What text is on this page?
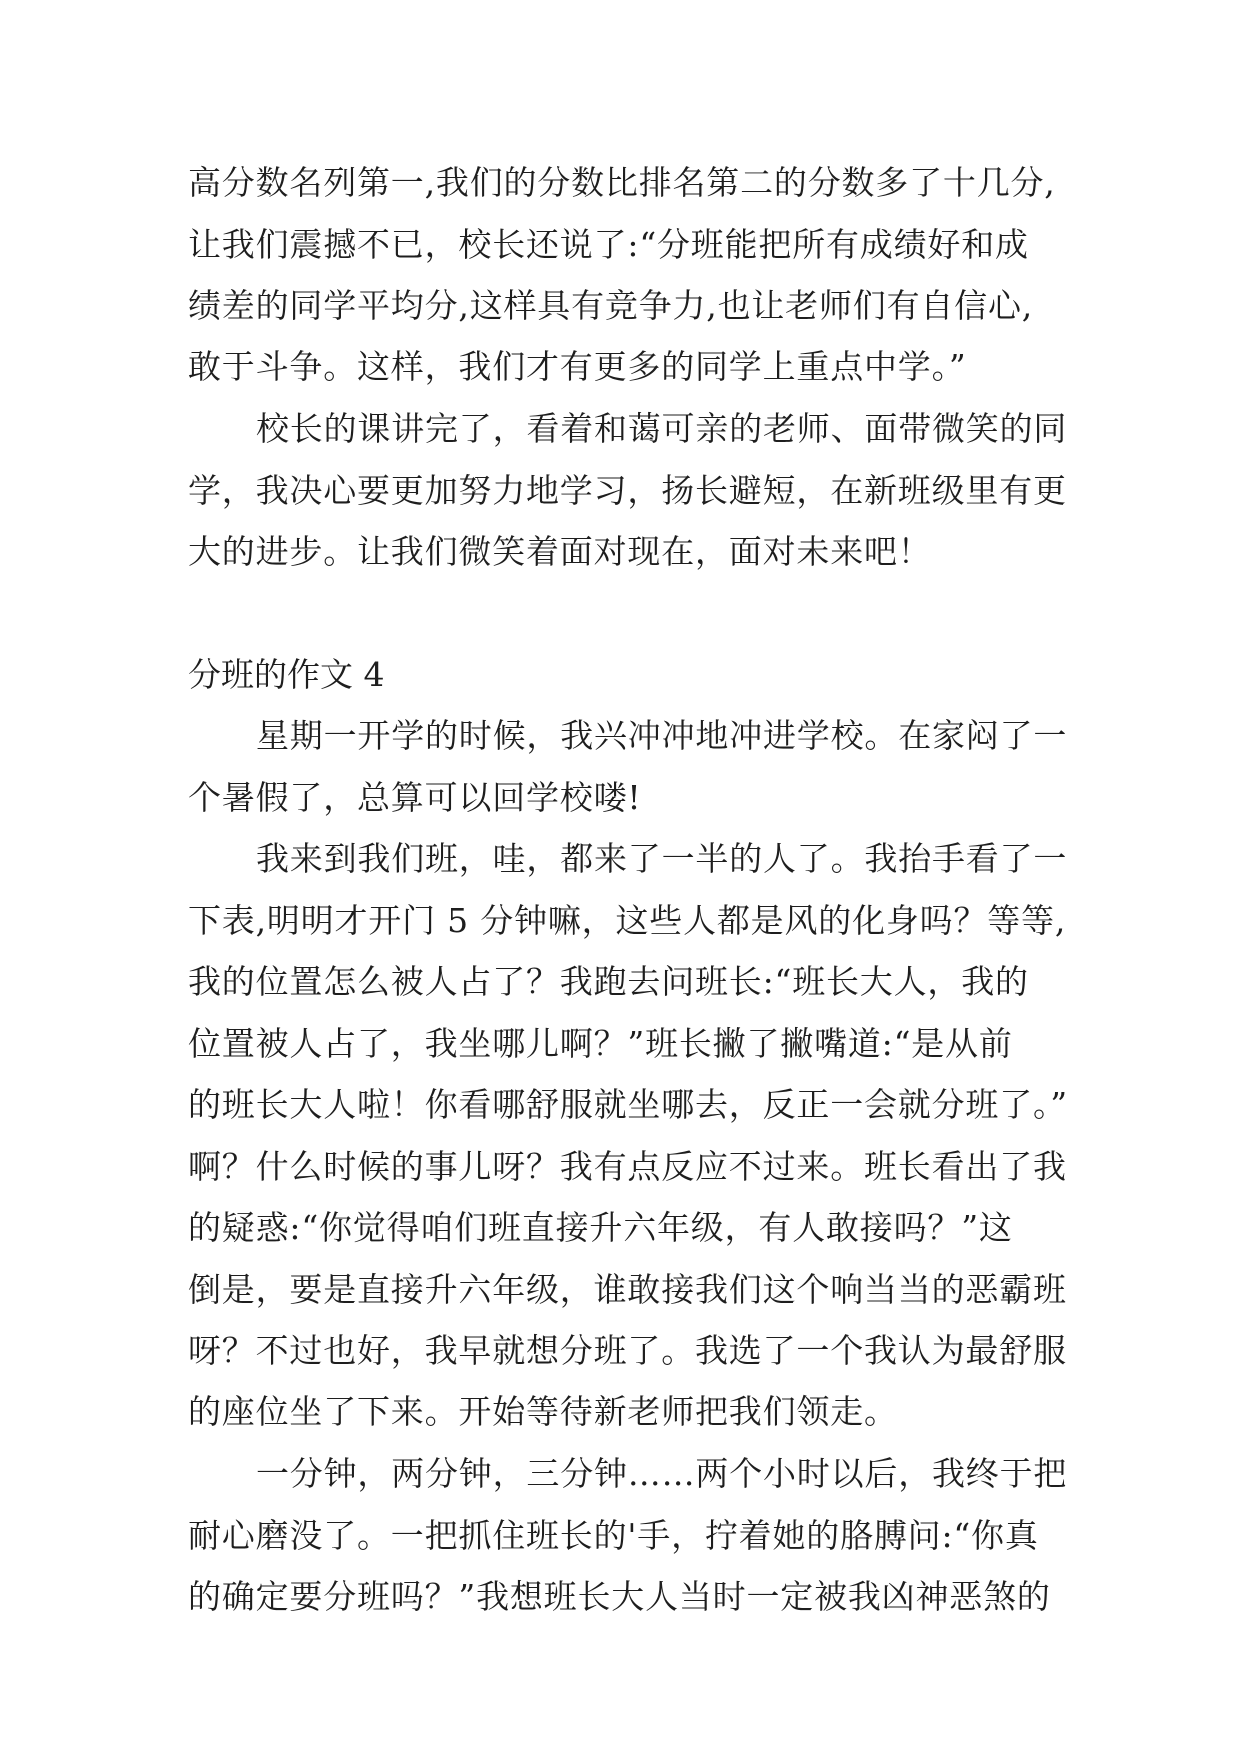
高分数名列第一,我们的分数比排名第二的分数多了十几分,

让我们震撼不已，校长还说了:“分班能把所有成绩好和成

绩差的同学平均分,这样具有竞争力,也让老师们有自信心,

敢于斗争。这样，我们才有更多的同学上重点中学。”

校长的课讲完了，看着和蔼可亲的老师、面带微笑的同

学，我决心要更加努力地学习，扬长避短，在新班级里有更

大的进步。让我们微笑着面对现在，面对未来吧！

分班的作文 4

星期一开学的时候，我兴冲冲地冲进学校。在家闷了一

个暑假了，总算可以回学校喽!

我来到我们班，哇，都来了一半的人了。我抬手看了一

下表,明明才开门 5 分钟嘛，这些人都是风的化身吗？等等,

我的位置怎么被人占了？我跑去问班长:“班长大人，我的

位置被人占了，我坐哪儿啊？”班长撇了撇嘴道:“是从前

的班长大人啦！你看哪舒服就坐哪去，反正一会就分班了。”

啊？什么时候的事儿呀？我有点反应不过来。班长看出了我

的疑惑:“你觉得咱们班直接升六年级，有人敢接吗？”这

倒是，要是直接升六年级，谁敢接我们这个响当当的恶霸班

呀？不过也好，我早就想分班了。我选了一个我认为最舒服

的座位坐了下来。开始等待新老师把我们领走。

一分钟，两分钟，三分钟……两个小时以后，我终于把

耐心磨没了。一把抓住班长的'手，拧着她的胳膊问:“你真

的确定要分班吗？”我想班长大人当时一定被我凶神恶煞的
